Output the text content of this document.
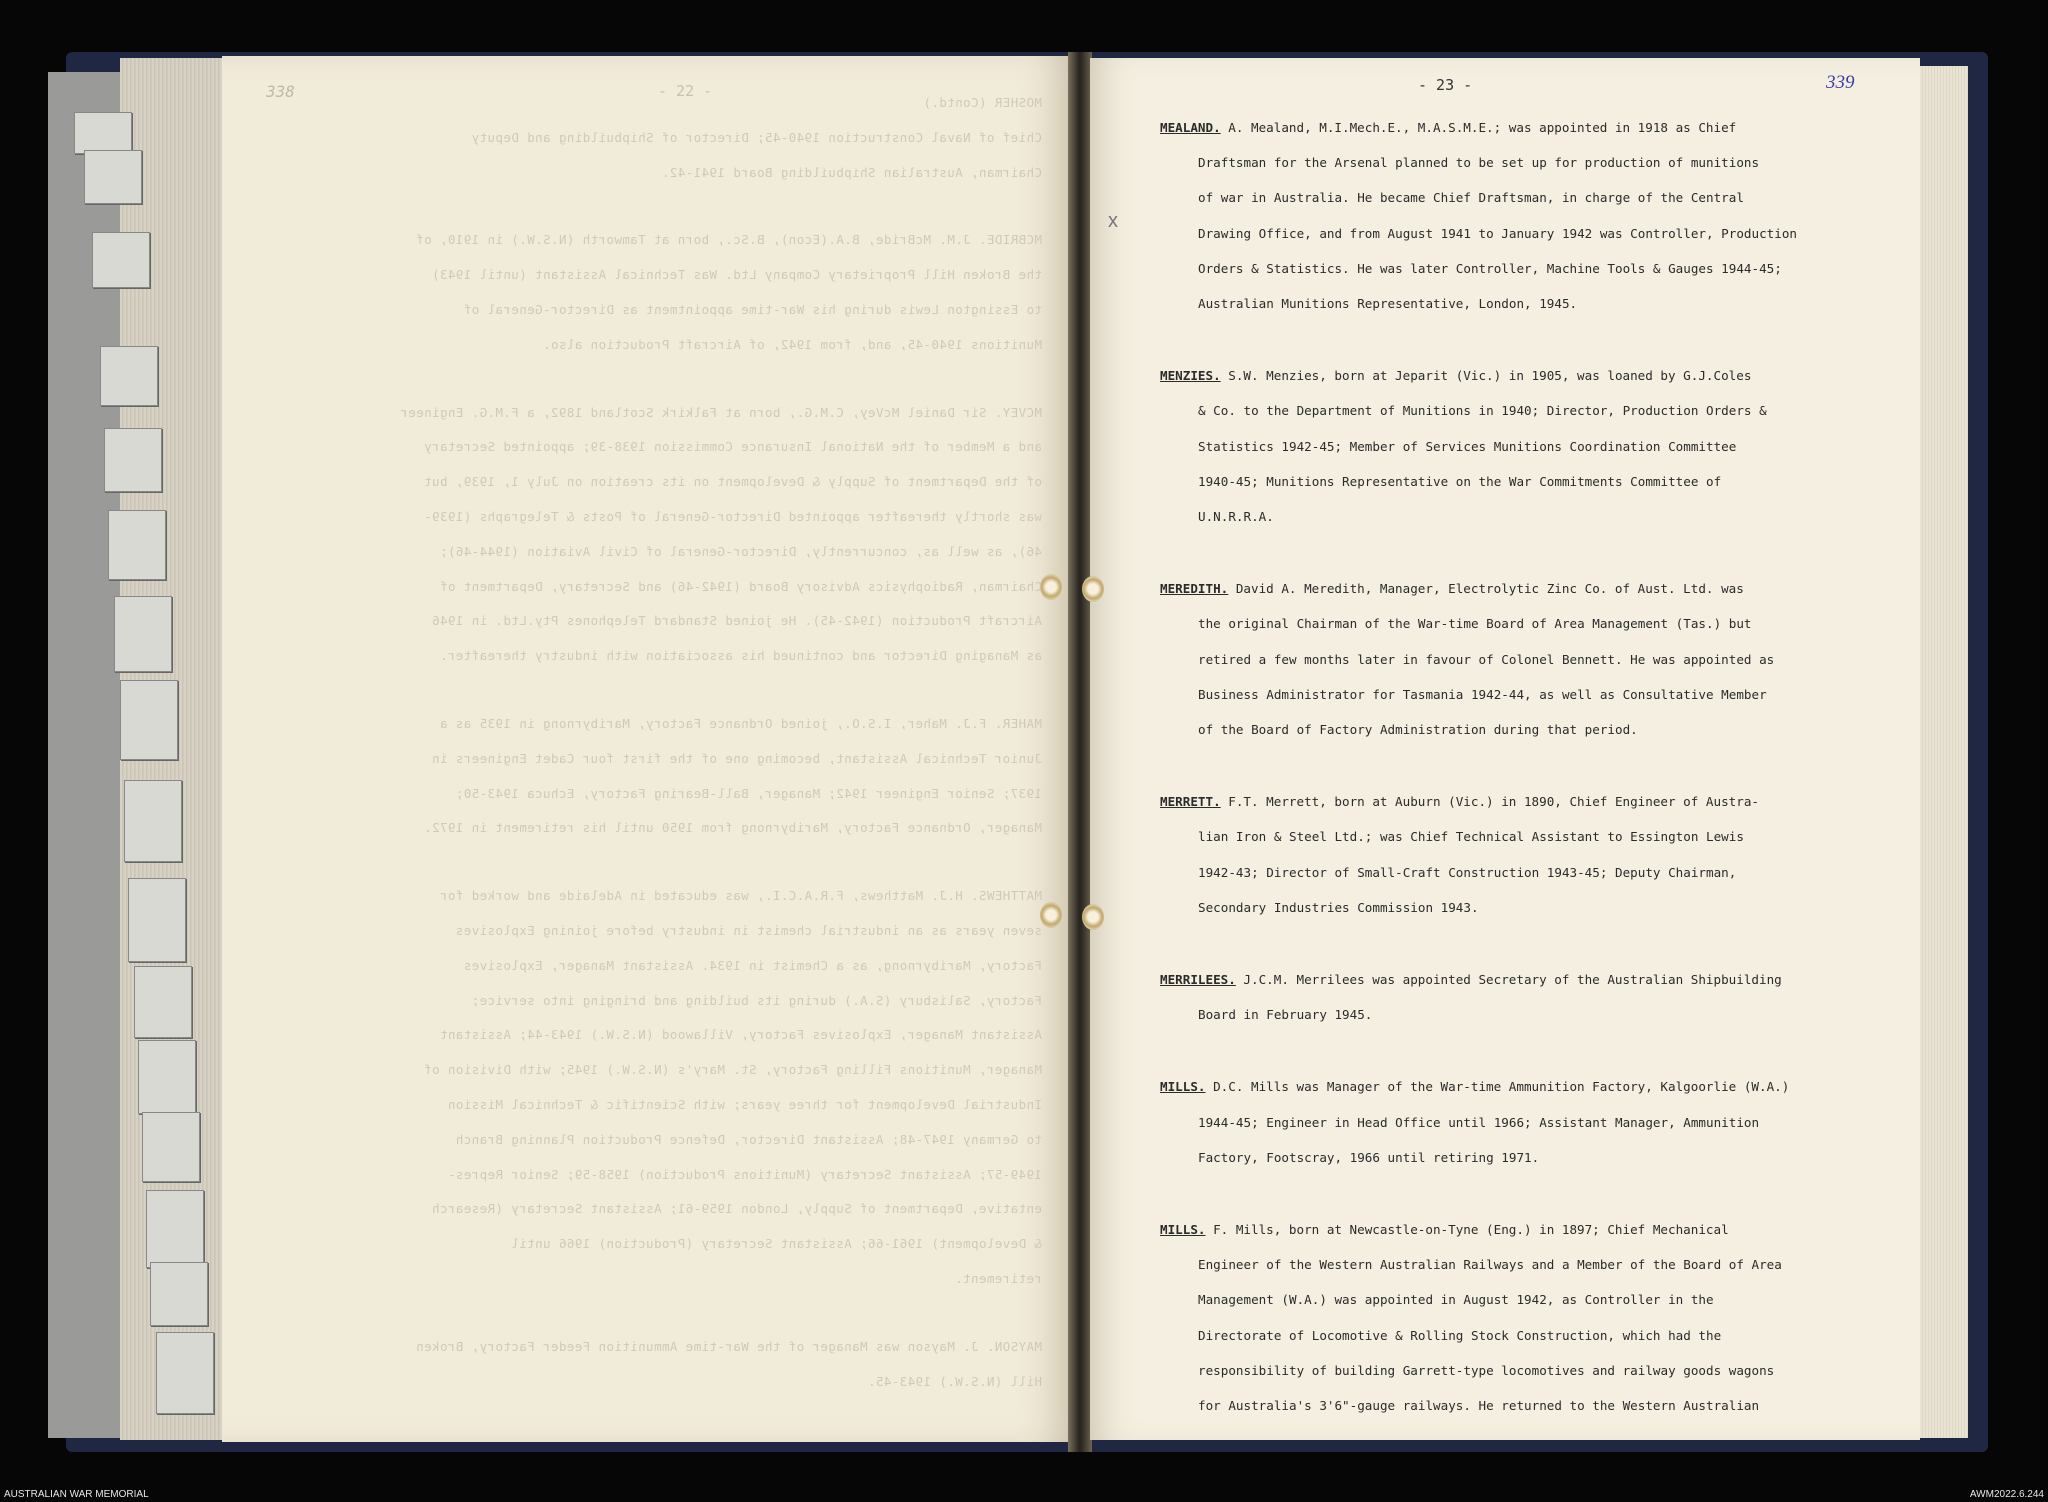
338	- 22 -
MOSHER (Contd.)
Chief of Naval Construction 1940-45; Director of Shipbuilding and Deputy
Chairman, Australian Shipbuilding Board 1941-42.
MCBRIDE. J.M. McBride, B.A.(Econ), B.Sc., born at Tamworth (N.S.W.) in 1910, of
the Broken Hill Proprietary Company Ltd. Was Technical Assistant (until 1943)
to Essington Lewis during his War-time appointment as Director-General of
Munitions 1940-45, and, from 1942, of Aircraft Production also.
MCVEY. Sir Daniel McVey, C.M.G., born at Falkirk Scotland 1892, a F.M.G. Engineer
and a Member of the National Insurance Commission 1938-39; appointed Secretary
of the Department of Supply & Development on its creation on July 1, 1939, but
was shortly thereafter appointed Director-General of Posts & Telegraphs (1939-
46), as well as, concurrently, Director-General of Civil Aviation (1944-46);
Chairman, Radiophysics Advisory Board (1942-46) and Secretary, Department of
Aircraft Production (1942-45). He joined Standard Telephones Pty.Ltd. in 1946
as Managing Director and continued his association with industry thereafter.
MAHER. F.J. Maher, I.S.O., joined Ordnance Factory, Maribyrnong in 1935 as a
Junior Technical Assistant, becoming one of the first four Cadet Engineers in
1937; Senior Engineer 1942; Manager, Ball-Bearing Factory, Echuca 1943-50;
Manager, Ordnance Factory, Maribyrnong from 1950 until his retirement in 1972.
MATTHEWS. H.J. Matthews, F.R.A.C.I., was educated in Adelaide and worked for
seven years as an industrial chemist in industry before joining Explosives
Factory, Maribyrnong, as a Chemist in 1934. Assistant Manager, Explosives
Factory, Salisbury (S.A.) during its building and bringing into service;
Assistant Manager, Explosives Factory, Villawood (N.S.W.) 1943-44; Assistant
Manager, Munitions Filling Factory, St. Mary's (N.S.W.) 1945; with Division of
Industrial Development for three years; with Scientific & Technical Mission
to Germany 1947-48; Assistant Director, Defence Production Planning Branch
1949-57; Assistant Secretary (Munitions Production) 1958-59; Senior Repres-
entative, Department of Supply, London 1959-61; Assistant Secretary (Research
& Development) 1961-66; Assistant Secretary (Production) 1966 until
retirement.
MAYSON. J. Mayson was Manager of the War-time Ammunition Feeder Factory, Broken
Hill (N.S.W.) 1943-45.
- 23 -	339
x
MEALAND. A. Mealand, M.I.Mech.E., M.A.S.M.E.; was appointed in 1918 as Chief
Draftsman for the Arsenal planned to be set up for production of munitions
of war in Australia. He became Chief Draftsman, in charge of the Central
Drawing Office, and from August 1941 to January 1942 was Controller, Production
Orders & Statistics. He was later Controller, Machine Tools & Gauges 1944-45;
Australian Munitions Representative, London, 1945.
MENZIES. S.W. Menzies, born at Jeparit (Vic.) in 1905, was loaned by G.J.Coles
& Co. to the Department of Munitions in 1940; Director, Production Orders &
Statistics 1942-45; Member of Services Munitions Coordination Committee
1940-45; Munitions Representative on the War Commitments Committee of
U.N.R.R.A.
MEREDITH. David A. Meredith, Manager, Electrolytic Zinc Co. of Aust. Ltd. was
the original Chairman of the War-time Board of Area Management (Tas.) but
retired a few months later in favour of Colonel Bennett. He was appointed as
Business Administrator for Tasmania 1942-44, as well as Consultative Member
of the Board of Factory Administration during that period.
MERRETT. F.T. Merrett, born at Auburn (Vic.) in 1890, Chief Engineer of Austra-
lian Iron & Steel Ltd.; was Chief Technical Assistant to Essington Lewis
1942-43; Director of Small-Craft Construction 1943-45; Deputy Chairman,
Secondary Industries Commission 1943.
MERRILEES. J.C.M. Merrilees was appointed Secretary of the Australian Shipbuilding
Board in February 1945.
MILLS. D.C. Mills was Manager of the War-time Ammunition Factory, Kalgoorlie (W.A.)
1944-45; Engineer in Head Office until 1966; Assistant Manager, Ammunition
Factory, Footscray, 1966 until retiring 1971.
MILLS. F. Mills, born at Newcastle-on-Tyne (Eng.) in 1897; Chief Mechanical
Engineer of the Western Australian Railways and a Member of the Board of Area
Management (W.A.) was appointed in August 1942, as Controller in the
Directorate of Locomotive & Rolling Stock Construction, which had the
responsibility of building Garrett-type locomotives and railway goods wagons
for Australia's 3'6"-gauge railways. He returned to the Western Australian
AUSTRALIAN WAR MEMORIAL	AWM2022.6.244
